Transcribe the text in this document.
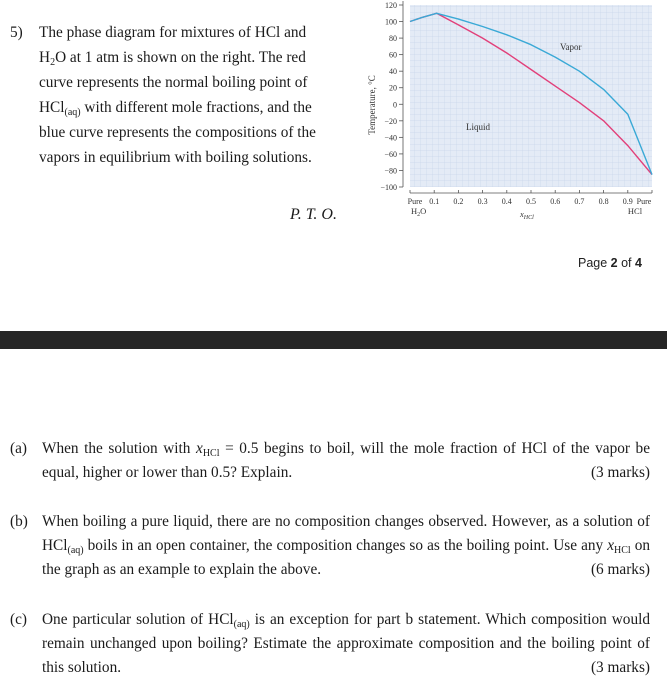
5) The phase diagram for mixtures of HCl and
$H_2O$ at 1 atm is shown on the right. The red
curve represents the normal boiling point of
HCl$_{(aq)}$ with different mole fractions, and the
blue curve represents the compositions of the
vapors in equilibrium with boiling solutions.
120
100
80
60
40
20
0
−20
−40
−60
−80
−100
Pure 0.1 0.2 0.3 0.4 0.5 0.6 0.7 0.8 0.9 Pure
Temperature, °C
Vapor
Liquid
$H_2O$	HCl
$x_{HCl}$
P. T. O.
Page 2 of 4
(a) When the solution with $x_{HCl} = 0.5$ begins to boil, will the mole fraction of HCl of the vapor be equal, higher or lower than 0.5? Explain.	(3 marks)
(b) When boiling a pure liquid, there are no composition changes observed. However, as a solution of HCl$_{(aq)}$ boils in an open container, the composition changes so as the boiling point. Use any $x_{HCl}$ on the graph as an example to explain the above.	(6 marks)
(c) One particular solution of HCl$_{(aq)}$ is an exception for part b statement. Which composition would remain unchanged upon boiling? Estimate the approximate composition and the boiling point of this solution.	(3 marks)
